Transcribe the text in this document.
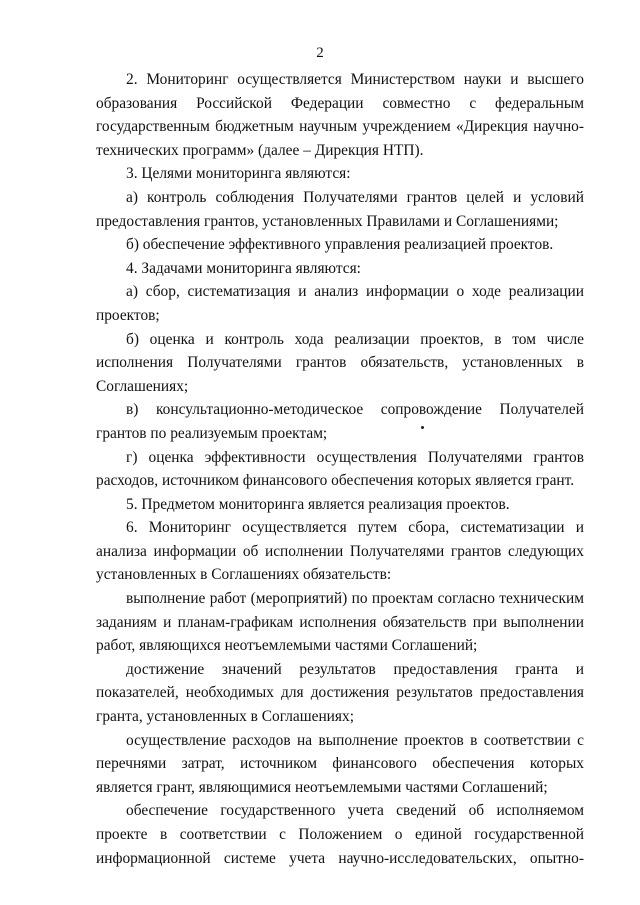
2

2. Мониторинг осуществляется Министерством науки и высшего образования Российской Федерации совместно с федеральным государственным бюджетным научным учреждением «Дирекция научно-технических программ» (далее – Дирекция НТП).

3. Целями мониторинга являются:

а) контроль соблюдения Получателями грантов целей и условий предоставления грантов, установленных Правилами и Соглашениями;

б) обеспечение эффективного управления реализацией проектов.

4. Задачами мониторинга являются:

а) сбор, систематизация и анализ информации о ходе реализации проектов;

б) оценка и контроль хода реализации проектов, в том числе исполнения Получателями грантов обязательств, установленных в Соглашениях;

в) консультационно-методическое сопровождение Получателей грантов по реализуемым проектам;

г) оценка эффективности осуществления Получателями грантов расходов, источником финансового обеспечения которых является грант.

5. Предметом мониторинга является реализация проектов.

6. Мониторинг осуществляется путем сбора, систематизации и анализа информации об исполнении Получателями грантов следующих установленных в Соглашениях обязательств:

выполнение работ (мероприятий) по проектам согласно техническим заданиям и планам-графикам исполнения обязательств при выполнении работ, являющихся неотъемлемыми частями Соглашений;

достижение значений результатов предоставления гранта и показателей, необходимых для достижения результатов предоставления гранта, установленных в Соглашениях;

осуществление расходов на выполнение проектов в соответствии с перечнями затрат, источником финансового обеспечения которых является грант, являющимися неотъемлемыми частями Соглашений;

обеспечение государственного учета сведений об исполняемом проекте в соответствии с Положением о единой государственной информационной системе учета научно-исследовательских, опытно-
